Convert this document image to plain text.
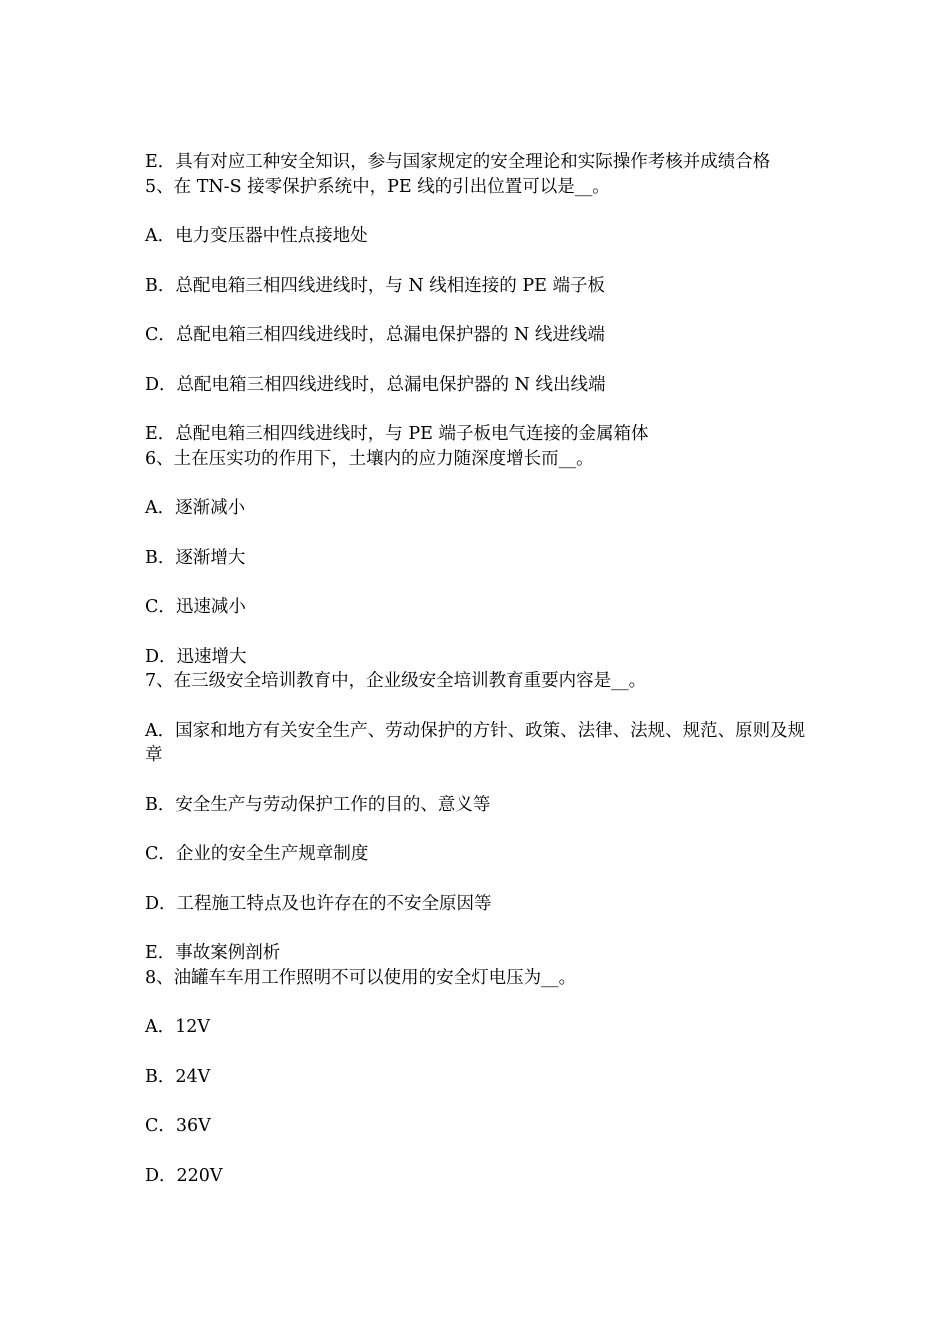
E．具有对应工种安全知识，参与国家规定的安全理论和实际操作考核并成绩合格
5、在 TN-S 接零保护系统中，PE 线的引出位置可以是__。
A．电力变压器中性点接地处
B．总配电箱三相四线进线时，与 N 线相连接的 PE 端子板
C．总配电箱三相四线进线时，总漏电保护器的 N 线进线端
D．总配电箱三相四线进线时，总漏电保护器的 N 线出线端
E．总配电箱三相四线进线时，与 PE 端子板电气连接的金属箱体
6、土在压实功的作用下，土壤内的应力随深度增长而__。
A．逐渐减小
B．逐渐增大
C．迅速减小
D．迅速增大
7、在三级安全培训教育中，企业级安全培训教育重要内容是__。
A．国家和地方有关安全生产、劳动保护的方针、政策、法律、法规、规范、原则及规章
B．安全生产与劳动保护工作的目的、意义等
C．企业的安全生产规章制度
D．工程施工特点及也许存在的不安全原因等
E．事故案例剖析
8、油罐车车用工作照明不可以使用的安全灯电压为__。
A．12V
B．24V
C．36V
D．220V
